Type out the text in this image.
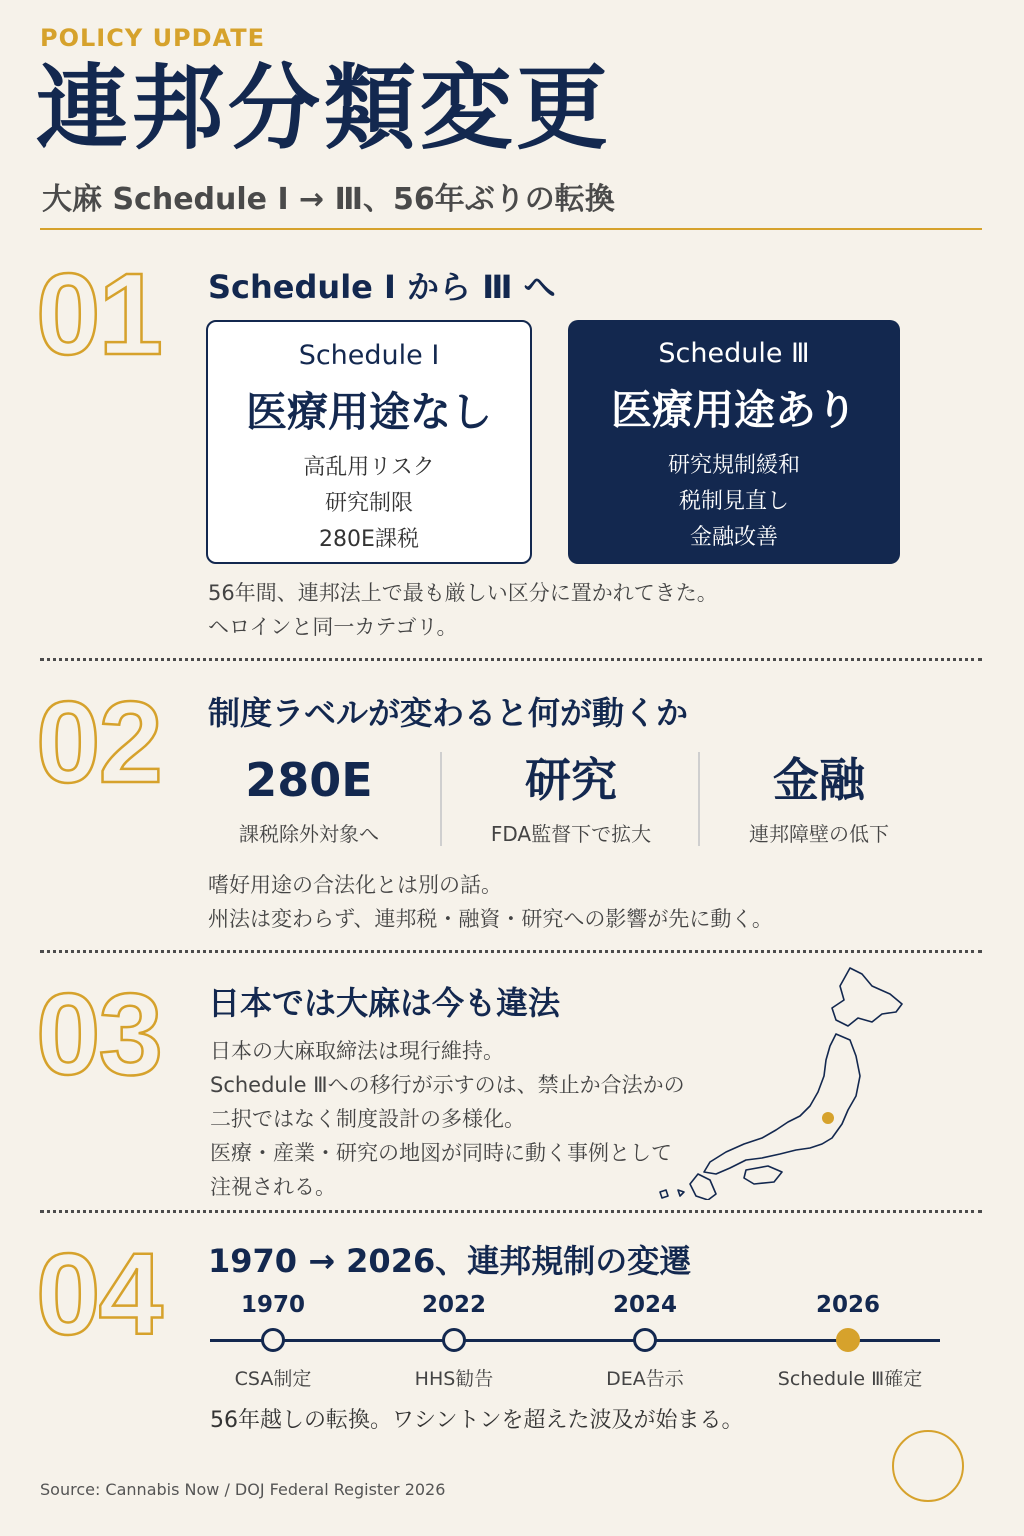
POLICY UPDATE
連邦分類変更
大麻 Schedule Ⅰ → Ⅲ、56年ぶりの転換
01 Schedule Ⅰ から Ⅲ へ
Schedule Ⅰ
医療用途なし
高乱用リスク
研究制限
280E課税
Schedule Ⅲ
医療用途あり
研究規制緩和
税制見直し
金融改善
56年間、連邦法上で最も厳しい区分に置かれてきた。
ヘロインと同一カテゴリ。
02 制度ラベルが変わると何が動くか
280E
課税除外対象へ
研究
FDA監督下で拡大
金融
連邦障壁の低下
嗜好用途の合法化とは別の話。
州法は変わらず、連邦税・融資・研究への影響が先に動く。
03 日本では大麻は今も違法
日本の大麻取締法は現行維持。
Schedule Ⅲへの移行が示すのは、禁止か合法かの
二択ではなく制度設計の多様化。
医療・産業・研究の地図が同時に動く事例として
注視される。
04 1970 → 2026、連邦規制の変遷
1970
CSA制定
2022
HHS勧告
2024
DEA告示
2026
Schedule Ⅲ確定
56年越しの転換。ワシントンを超えた波及が始まる。
Source: Cannabis Now / DOJ Federal Register 2026
